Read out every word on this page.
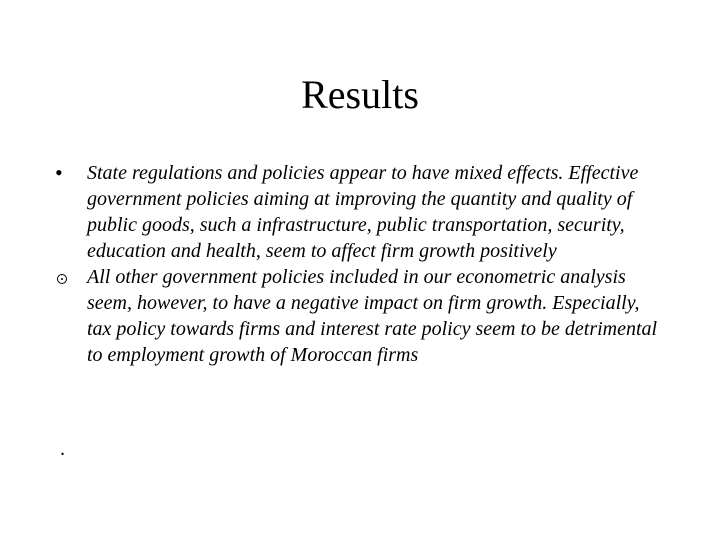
Results
•	State regulations and policies appear to have mixed effects. Effective government policies aiming at improving the quantity and quality of public goods, such a infrastructure, public transportation, security, education and health, seem to affect firm growth positively
All other government policies included in our econometric analysis seem, however, to have a negative impact on firm growth. Especially, tax policy towards firms and interest rate policy seem to be detrimental to employment growth of Moroccan firms
.
